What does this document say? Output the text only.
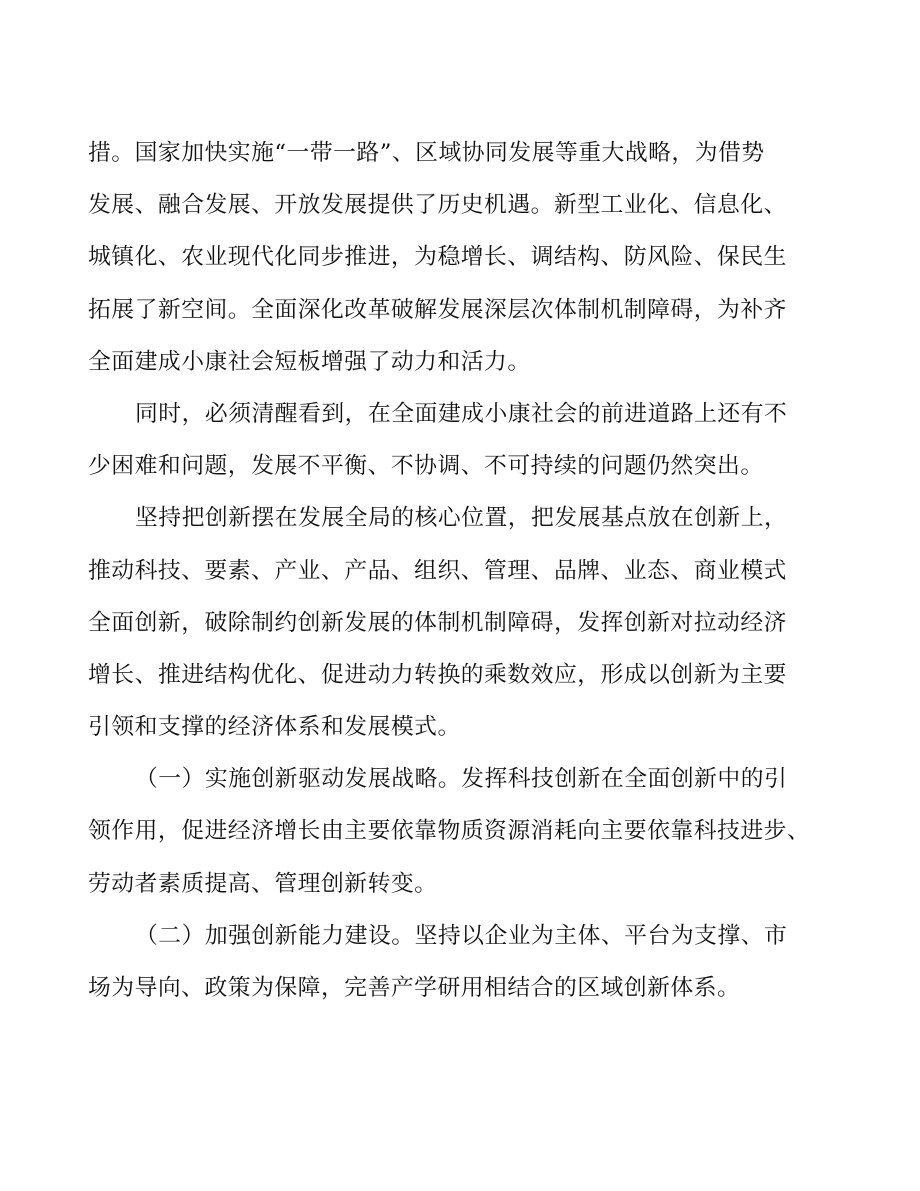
措。国家加快实施“一带一路”、区域协同发展等重大战略，为借势
发展、融合发展、开放发展提供了历史机遇。新型工业化、信息化、
城镇化、农业现代化同步推进，为稳增长、调结构、防风险、保民生
拓展了新空间。全面深化改革破解发展深层次体制机制障碍，为补齐
全面建成小康社会短板增强了动力和活力。
同时，必须清醒看到，在全面建成小康社会的前进道路上还有不
少困难和问题，发展不平衡、不协调、不可持续的问题仍然突出。
坚持把创新摆在发展全局的核心位置，把发展基点放在创新上，
推动科技、要素、产业、产品、组织、管理、品牌、业态、商业模式
全面创新，破除制约创新发展的体制机制障碍，发挥创新对拉动经济
增长、推进结构优化、促进动力转换的乘数效应，形成以创新为主要
引领和支撑的经济体系和发展模式。
（一）实施创新驱动发展战略。发挥科技创新在全面创新中的引
领作用，促进经济增长由主要依靠物质资源消耗向主要依靠科技进步、
劳动者素质提高、管理创新转变。
（二）加强创新能力建设。坚持以企业为主体、平台为支撑、市
场为导向、政策为保障，完善产学研用相结合的区域创新体系。
